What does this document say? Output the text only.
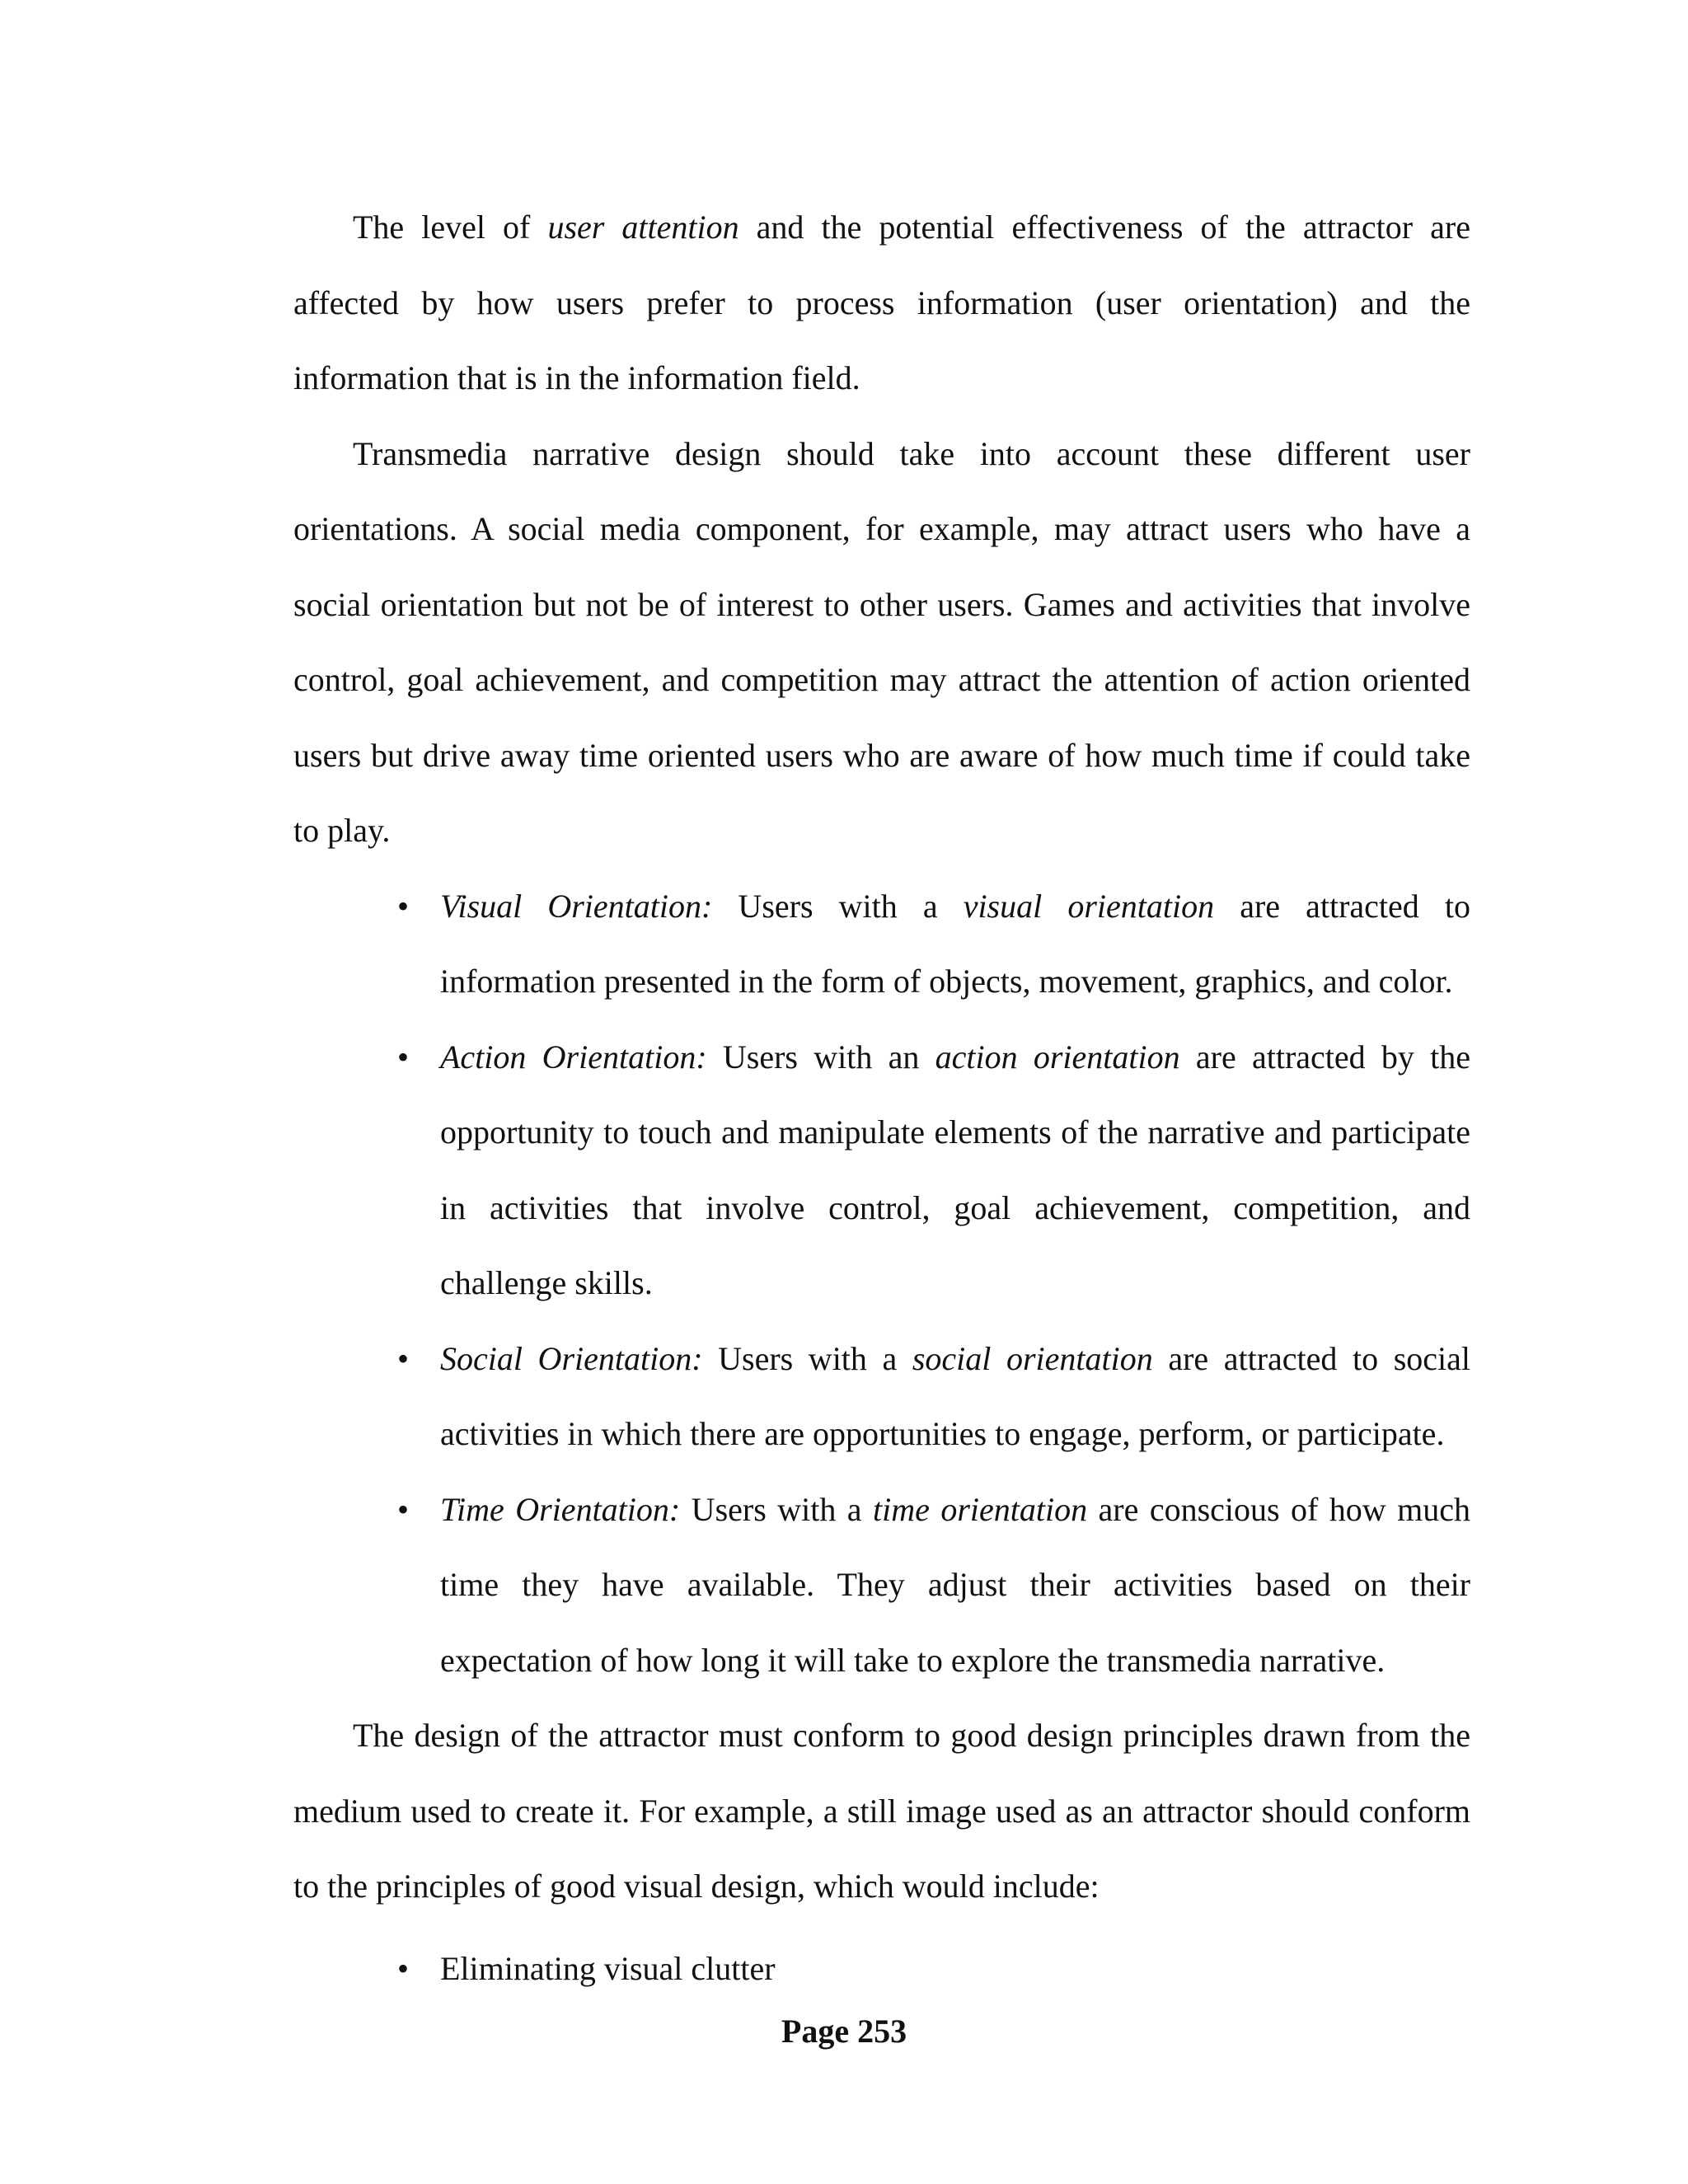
The level of user attention and the potential effectiveness of the attractor are affected by how users prefer to process information (user orientation) and the information that is in the information field.

Transmedia narrative design should take into account these different user orientations. A social media component, for example, may attract users who have a social orientation but not be of interest to other users. Games and activities that involve control, goal achievement, and competition may attract the attention of action oriented users but drive away time oriented users who are aware of how much time if could take to play.

• Visual Orientation: Users with a visual orientation are attracted to information presented in the form of objects, movement, graphics, and color.
• Action Orientation: Users with an action orientation are attracted by the opportunity to touch and manipulate elements of the narrative and participate in activities that involve control, goal achievement, competition, and challenge skills.
• Social Orientation: Users with a social orientation are attracted to social activities in which there are opportunities to engage, perform, or participate.
• Time Orientation: Users with a time orientation are conscious of how much time they have available. They adjust their activities based on their expectation of how long it will take to explore the transmedia narrative.

The design of the attractor must conform to good design principles drawn from the medium used to create it. For example, a still image used as an attractor should conform to the principles of good visual design, which would include:

• Eliminating visual clutter
Page 253
